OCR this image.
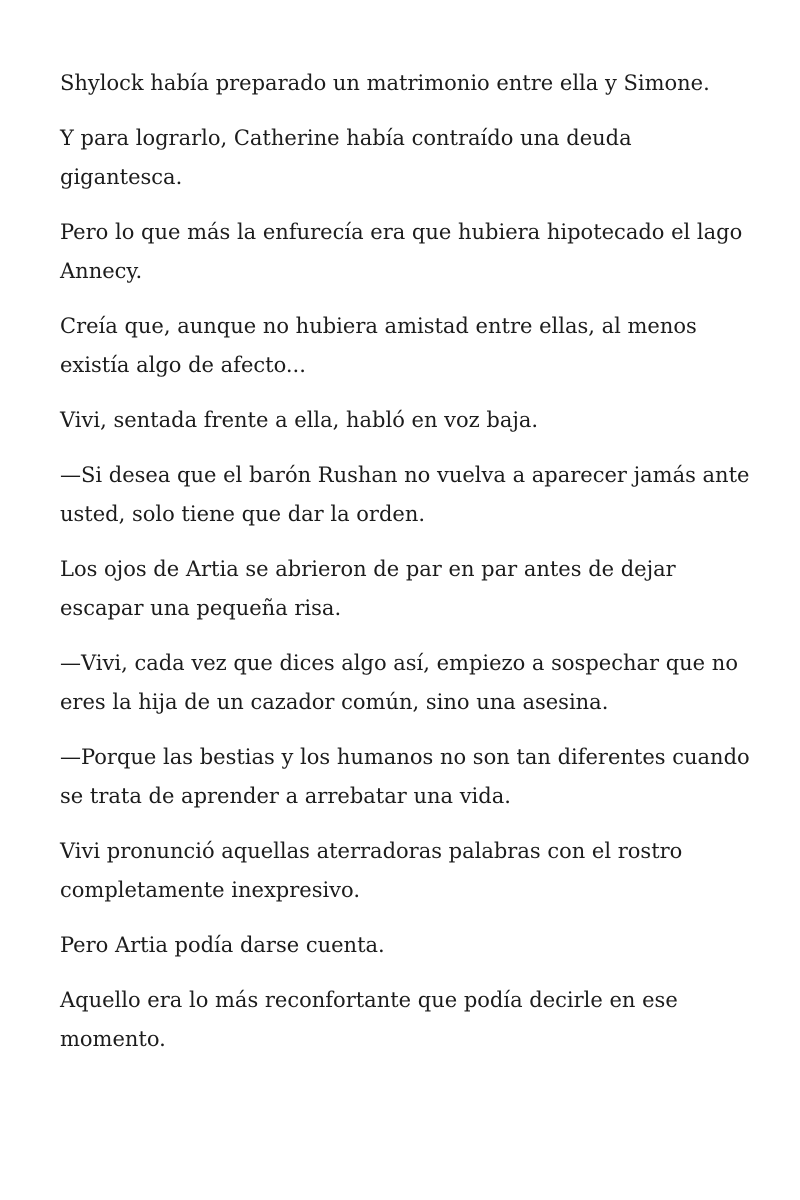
Shylock había preparado un matrimonio entre ella y Simone.

Y para lograrlo, Catherine había contraído una deuda gigantesca.

Pero lo que más la enfurecía era que hubiera hipotecado el lago Annecy.

Creía que, aunque no hubiera amistad entre ellas, al menos existía algo de afecto...

Vivi, sentada frente a ella, habló en voz baja.

—Si desea que el barón Rushan no vuelva a aparecer jamás ante usted, solo tiene que dar la orden.

Los ojos de Artia se abrieron de par en par antes de dejar escapar una pequeña risa.

—Vivi, cada vez que dices algo así, empiezo a sospechar que no eres la hija de un cazador común, sino una asesina.

—Porque las bestias y los humanos no son tan diferentes cuando se trata de aprender a arrebatar una vida.

Vivi pronunció aquellas aterradoras palabras con el rostro completamente inexpresivo.

Pero Artia podía darse cuenta.

Aquello era lo más reconfortante que podía decirle en ese momento.
